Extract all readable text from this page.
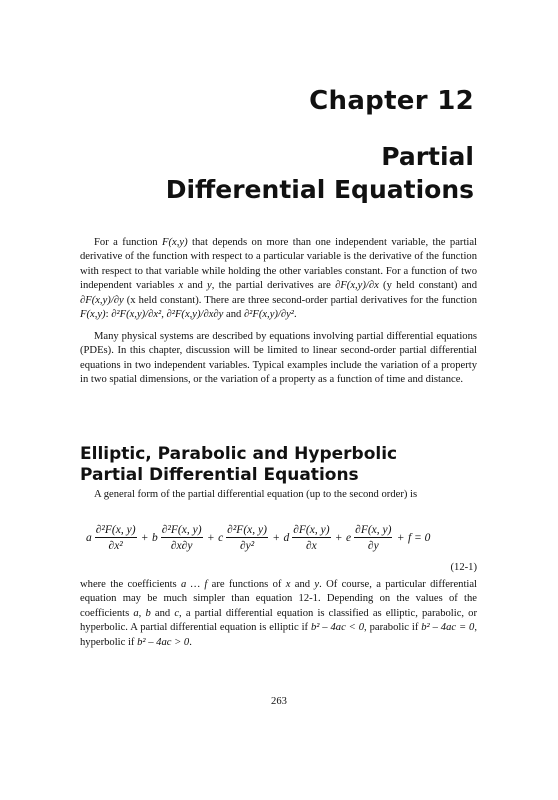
Chapter 12
Partial
Differential Equations

For a function F(x,y) that depends on more than one independent variable, the partial derivative of the function with respect to a particular variable is the derivative of the function with respect to that variable while holding the other variables constant. For a function of two independent variables x and y, the partial derivatives are ∂F(x,y)/∂x (y held constant) and ∂F(x,y)/∂y (x held constant). There are three second-order partial derivatives for the function F(x,y): ∂²F(x,y)/∂x², ∂²F(x,y)/∂x∂y and ∂²F(x,y)/∂y².

Many physical systems are described by equations involving partial differential equations (PDEs). In this chapter, discussion will be limited to linear second-order partial differential equations in two independent variables. Typical examples include the variation of a property in two spatial dimensions, or the variation of a property as a function of time and distance.

Elliptic, Parabolic and Hyperbolic
Partial Differential Equations

A general form of the partial differential equation (up to the second order) is

a $\frac{\text{∂²F(x, y)}}{\text{∂x²}} + b \frac{\text{∂²F(x, y)}}{\partial x\partial y} + c \frac{\text{∂²F(x, y)}}{\text{∂y²}} + d \frac{\partial F(x, y)}{\partial x} + e \frac{\partial F(x, y)}{\partial y} + f = 0$
(12-1)

where the coefficients a … f are functions of x and y. Of course, a particular differential equation may be much simpler than equation 12-1. Depending on the values of the coefficients a, b and c, a partial differential equation is classified as elliptic, parabolic, or hyperbolic. A partial differential equation is elliptic if b² – 4ac < 0, parabolic if b² – 4ac = 0, hyperbolic if b² – 4ac > 0.

263
